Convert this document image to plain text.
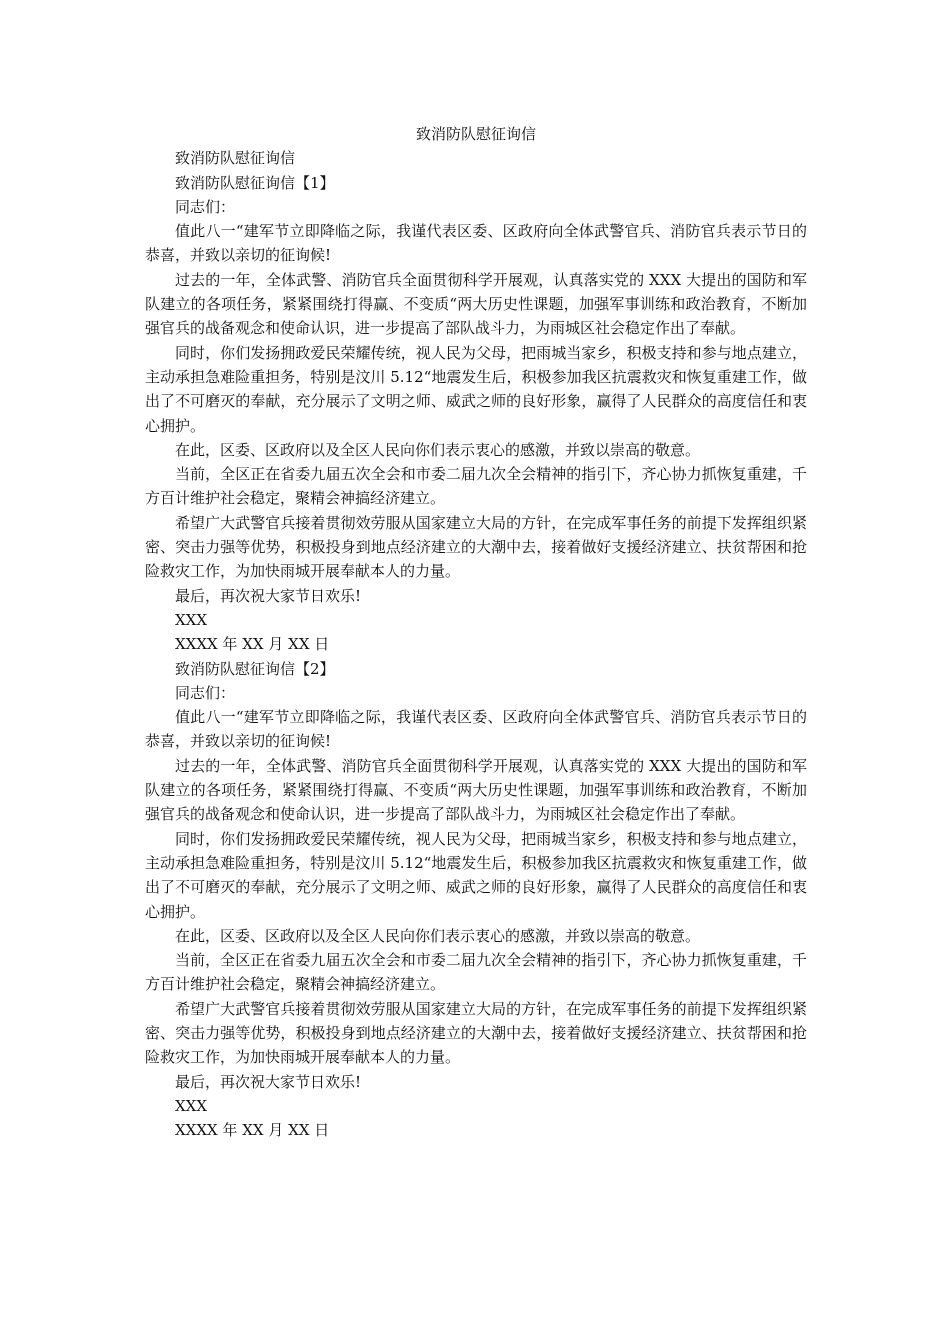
致消防队慰征询信

致消防队慰征询信

致消防队慰征询信【1】

同志们：

值此八一“建军节立即降临之际，我谨代表区委、区政府向全体武警官兵、消防官兵表示节日的恭喜，并致以亲切的征询候!

过去的一年，全体武警、消防官兵全面贯彻科学开展观，认真落实党的 XXX 大提出的国防和军队建立的各项任务，紧紧围绕打得赢、不变质“两大历史性课题，加强军事训练和政治教育，不断加强官兵的战备观念和使命认识，进一步提高了部队战斗力，为雨城区社会稳定作出了奉献。

同时，你们发扬拥政爱民荣耀传统，视人民为父母，把雨城当家乡，积极支持和参与地点建立，主动承担急难险重担务，特别是汶川 5.12“地震发生后，积极参加我区抗震救灾和恢复重建工作，做出了不可磨灭的奉献，充分展示了文明之师、威武之师的良好形象，赢得了人民群众的高度信任和衷心拥护。

在此，区委、区政府以及全区人民向你们表示衷心的感激，并致以崇高的敬意。

当前，全区正在省委九届五次全会和市委二届九次全会精神的指引下，齐心协力抓恢复重建，千方百计维护社会稳定，聚精会神搞经济建立。

希望广大武警官兵接着贯彻效劳服从国家建立大局的方针，在完成军事任务的前提下发挥组织紧密、突击力强等优势，积极投身到地点经济建立的大潮中去，接着做好支援经济建立、扶贫帮困和抢险救灾工作，为加快雨城开展奉献本人的力量。

最后，再次祝大家节日欢乐!

XXX

XXXX 年 XX 月 XX 日

致消防队慰征询信【2】

同志们：

值此八一“建军节立即降临之际，我谨代表区委、区政府向全体武警官兵、消防官兵表示节日的恭喜，并致以亲切的征询候!

过去的一年，全体武警、消防官兵全面贯彻科学开展观，认真落实党的 XXX 大提出的国防和军队建立的各项任务，紧紧围绕打得赢、不变质“两大历史性课题，加强军事训练和政治教育，不断加强官兵的战备观念和使命认识，进一步提高了部队战斗力，为雨城区社会稳定作出了奉献。

同时，你们发扬拥政爱民荣耀传统，视人民为父母，把雨城当家乡，积极支持和参与地点建立，主动承担急难险重担务，特别是汶川 5.12“地震发生后，积极参加我区抗震救灾和恢复重建工作，做出了不可磨灭的奉献，充分展示了文明之师、威武之师的良好形象，赢得了人民群众的高度信任和衷心拥护。

在此，区委、区政府以及全区人民向你们表示衷心的感激，并致以崇高的敬意。

当前，全区正在省委九届五次全会和市委二届九次全会精神的指引下，齐心协力抓恢复重建，千方百计维护社会稳定，聚精会神搞经济建立。

希望广大武警官兵接着贯彻效劳服从国家建立大局的方针，在完成军事任务的前提下发挥组织紧密、突击力强等优势，积极投身到地点经济建立的大潮中去，接着做好支援经济建立、扶贫帮困和抢险救灾工作，为加快雨城开展奉献本人的力量。

最后，再次祝大家节日欢乐!

XXX

XXXX 年 XX 月 XX 日
